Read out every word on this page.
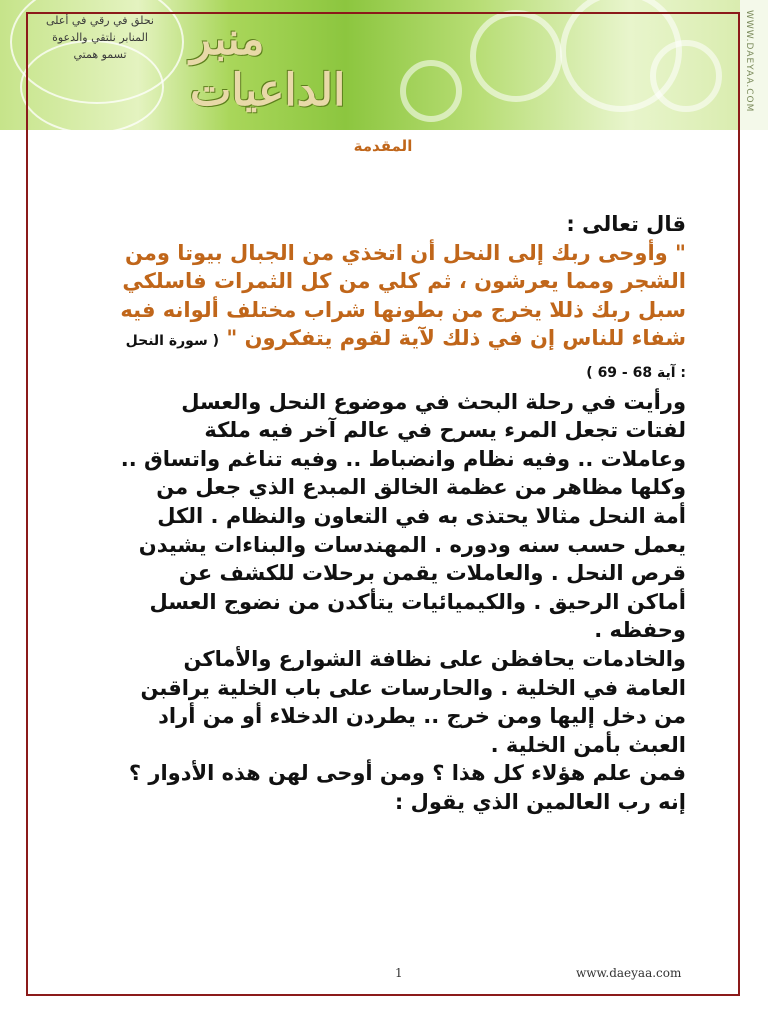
نحلق في رقي في أعلى المنابر نلتقي والدعوة تسمو همتي	منبر الداعيات	WWW.DAEYAA.COM
المقدمة

قال تعالى :

" وأوحى ربك إلى النحل أن اتخذي من الجبال بيوتا ومن الشجر ومما يعرشون ، ثم كلي من كل الثمرات فاسلكي سبل ربك ذللا يخرج من بطونها شراب مختلف ألوانه فيه شفاء للناس إن في ذلك لآية لقوم يتفكرون " ( سورة النحل : آية 68 - 69 )

ورأيت في رحلة البحث في موضوع النحل والعسل لفتات تجعل المرء يسرح في عالم آخر فيه ملكة وعاملات .. وفيه نظام وانضباط .. وفيه تناغم واتساق .. وكلها مظاهر من عظمة الخالق المبدع الذي جعل من أمة النحل مثالا يحتذى به في التعاون والنظام . الكل يعمل حسب سنه ودوره . المهندسات والبناءات يشيدن قرص النحل . والعاملات يقمن برحلات للكشف عن أماكن الرحيق . والكيميائيات يتأكدن من نضوج العسل وحفظه .

والخادمات يحافظن على نظافة الشوارع والأماكن العامة في الخلية . والحارسات على باب الخلية يراقبن من دخل إليها ومن خرج .. يطردن الدخلاء أو من أراد العبث بأمن الخلية .

فمن علم هؤلاء كل هذا ؟ ومن أوحى لهن هذه الأدوار ؟

إنه رب العالمين الذي يقول :

1	www.daeyaa.com
